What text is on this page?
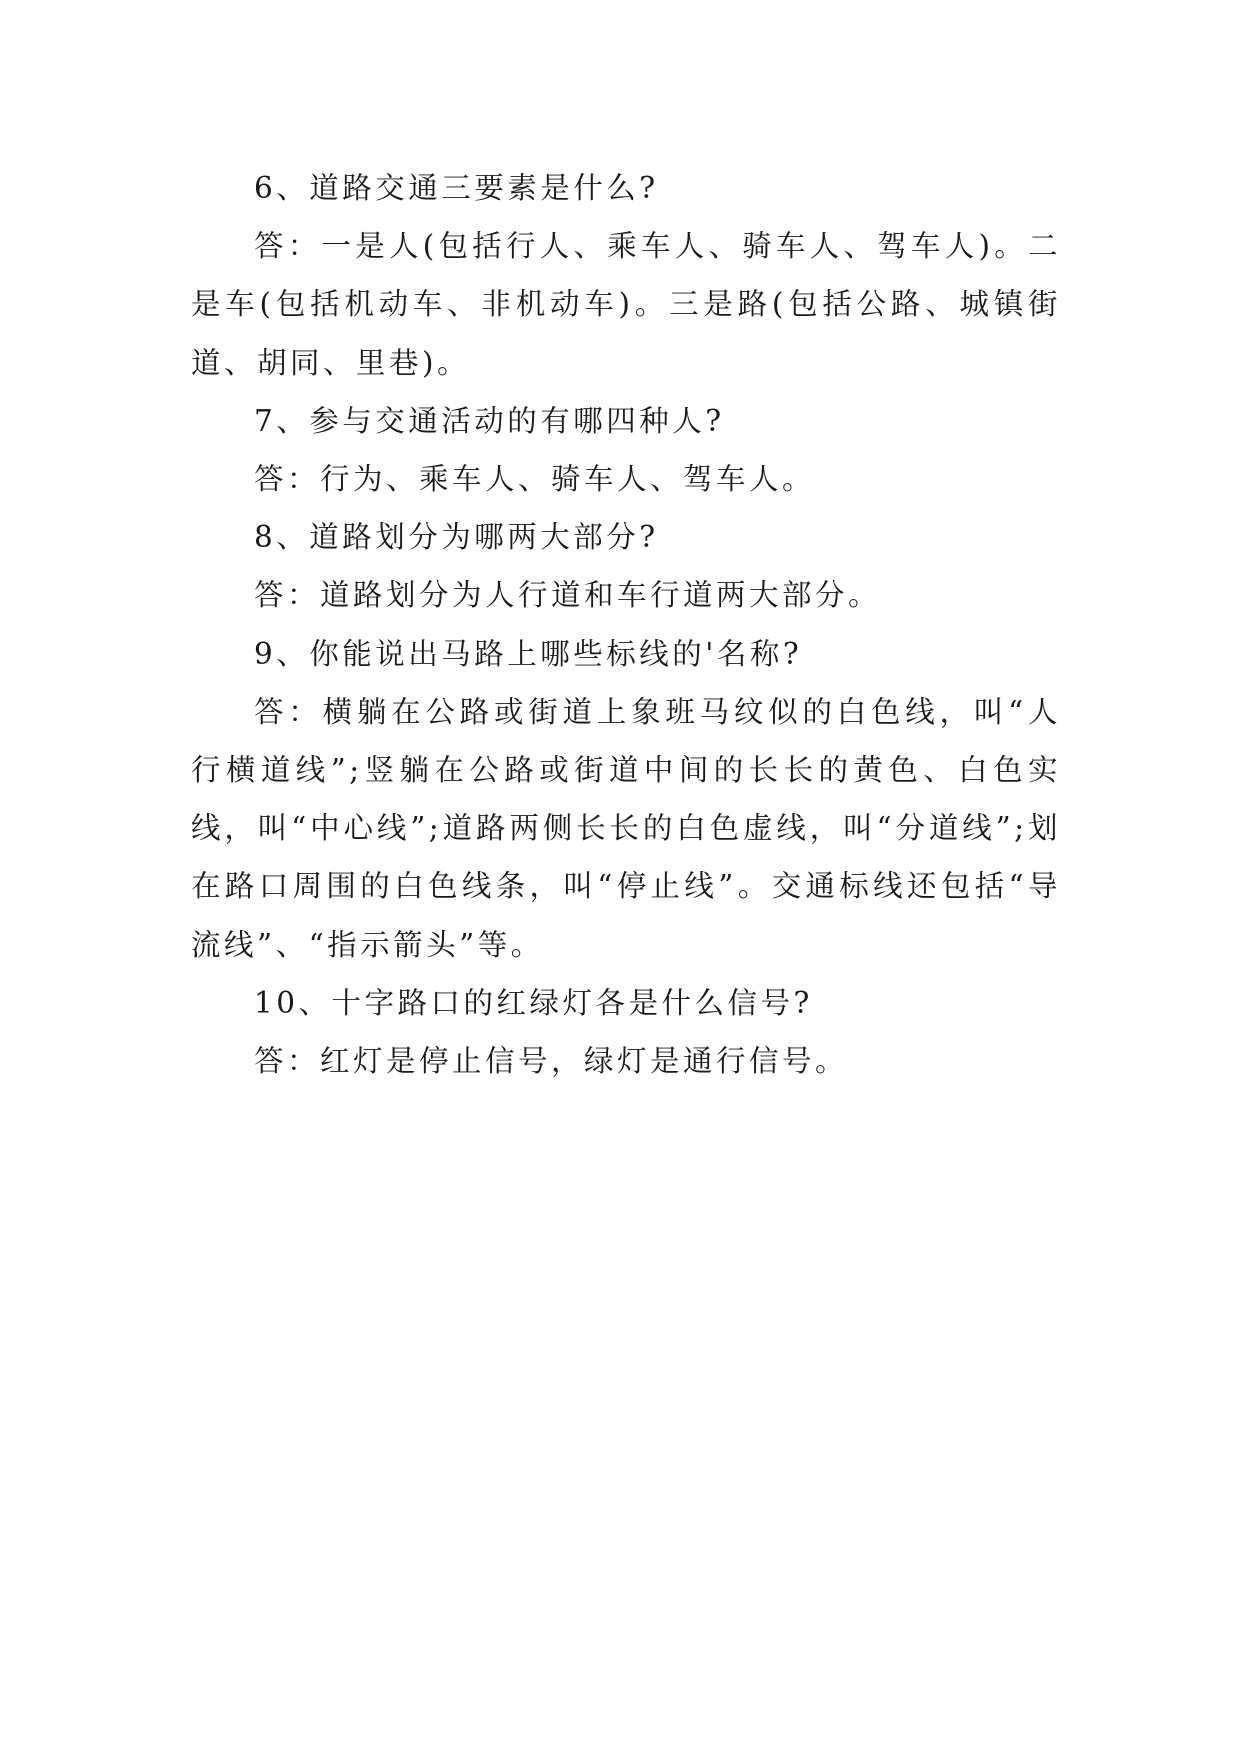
6、道路交通三要素是什么?

答：一是人(包括行人、乘车人、骑车人、驾车人)。二是车(包括机动车、非机动车)。三是路(包括公路、城镇街道、胡同、里巷)。

7、参与交通活动的有哪四种人?

答：行为、乘车人、骑车人、驾车人。

8、道路划分为哪两大部分?

答：道路划分为人行道和车行道两大部分。

9、你能说出马路上哪些标线的'名称?

答：横躺在公路或街道上象班马纹似的白色线，叫“人行横道线”;竖躺在公路或街道中间的长长的黄色、白色实线，叫“中心线”;道路两侧长长的白色虚线，叫“分道线”;划在路口周围的白色线条，叫“停止线”。交通标线还包括“导流线”、“指示箭头”等。

10、十字路口的红绿灯各是什么信号?

答：红灯是停止信号，绿灯是通行信号。
